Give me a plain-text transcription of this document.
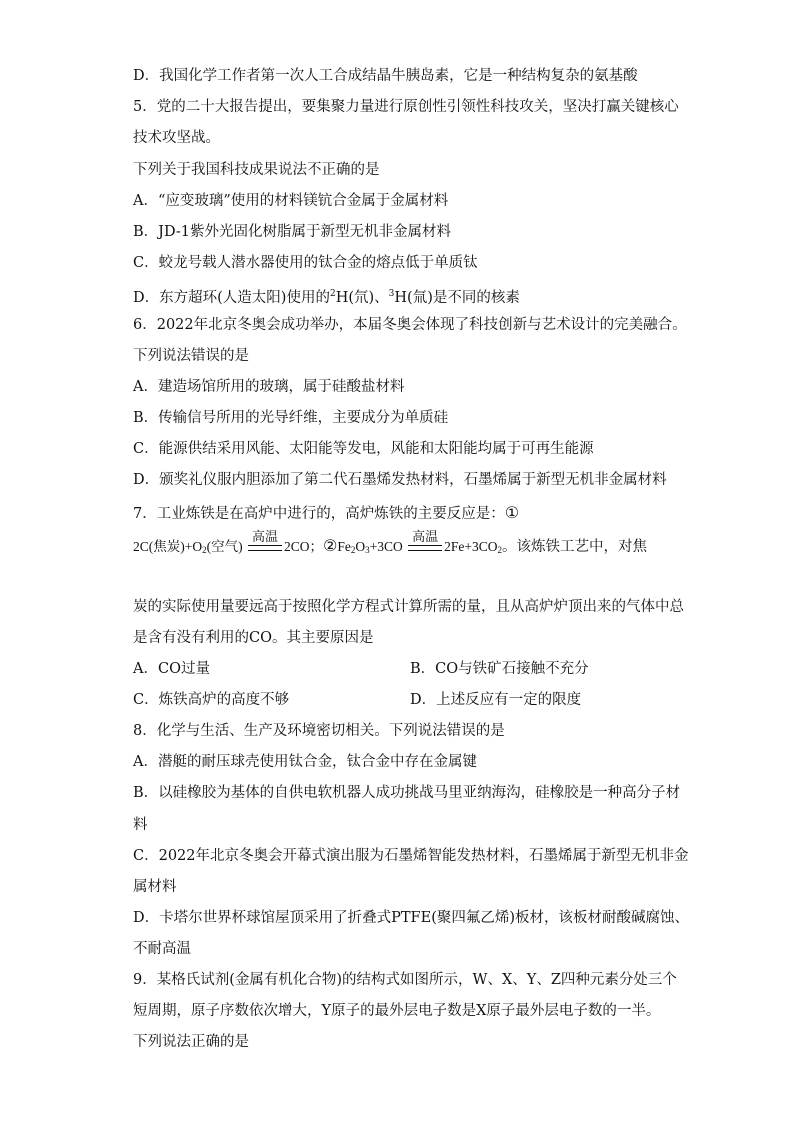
D．我国化学工作者第一次人工合成结晶牛胰岛素，它是一种结构复杂的氨基酸
5．党的二十大报告提出，要集聚力量进行原创性引领性科技攻关，坚决打赢关键核心
技术攻坚战。
下列关于我国科技成果说法不正确的是
A．“应变玻璃”使用的材料镁钪合金属于金属材料
B．JD-1紫外光固化树脂属于新型无机非金属材料
C．蛟龙号载人潜水器使用的钛合金的熔点低于单质钛
D．东方超环(人造太阳)使用的$^2$H(氘)、$^3$H(氚)是不同的核素
6．2022年北京冬奥会成功举办，本届冬奥会体现了科技创新与艺术设计的完美融合。
下列说法错误的是
A．建造场馆所用的玻璃，属于硅酸盐材料
B．传输信号所用的光导纤维，主要成分为单质硅
C．能源供结采用风能、太阳能等发电，风能和太阳能均属于可再生能源
D．颁奖礼仪服内胆添加了第二代石墨烯发热材料，石墨烯属于新型无机非金属材料
7．工业炼铁是在高炉中进行的，高炉炼铁的主要反应是：①
2C(焦炭)$+O_2$(空气)
高温
2CO；$②Fe_2O_3+3CO$
高温
$2Fe+3CO_2$。该炼铁工艺中，对焦
炭的实际使用量要远高于按照化学方程式计算所需的量，且从高炉炉顶出来的气体中总
是含有没有利用的CO。其主要原因是
A．CO过量	B．CO与铁矿石接触不充分
C．炼铁高炉的高度不够	D．上述反应有一定的限度
8．化学与生活、生产及环境密切相关。下列说法错误的是
A．潜艇的耐压球壳使用钛合金，钛合金中存在金属键
B．以硅橡胶为基体的自供电软机器人成功挑战马里亚纳海沟，硅橡胶是一种高分子材
料
C．2022年北京冬奥会开幕式演出服为石墨烯智能发热材料，石墨烯属于新型无机非金
属材料
D．卡塔尔世界杯球馆屋顶采用了折叠式PTFE(聚四氟乙烯)板材，该板材耐酸碱腐蚀、
不耐高温
9．某格氏试剂(金属有机化合物)的结构式如图所示，W、X、Y、Z四种元素分处三个
短周期，原子序数依次增大，Y原子的最外层电子数是X原子最外层电子数的一半。
下列说法正确的是
